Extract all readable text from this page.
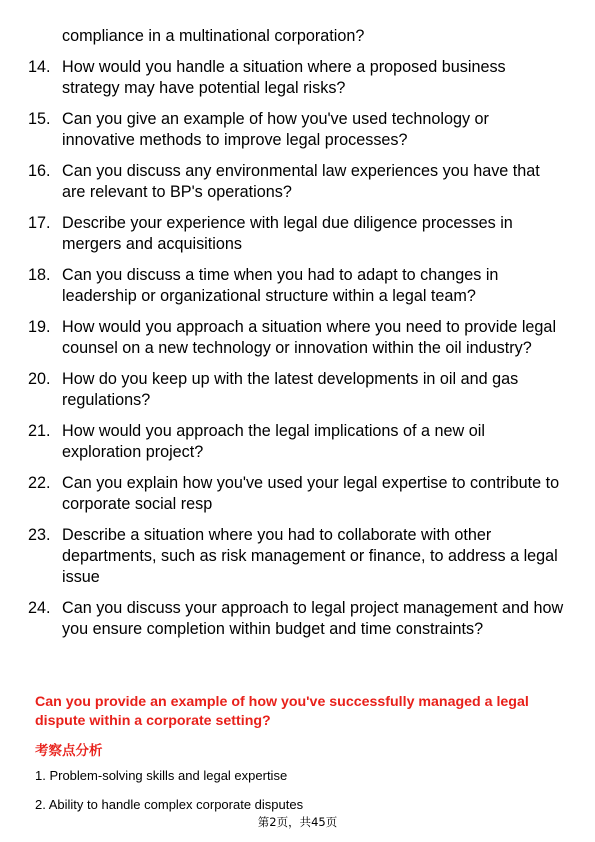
compliance in a multinational corporation?
14. How would you handle a situation where a proposed business strategy may have potential legal risks?
15. Can you give an example of how you've used technology or innovative methods to improve legal processes?
16. Can you discuss any environmental law experiences you have that are relevant to BP's operations?
17. Describe your experience with legal due diligence processes in mergers and acquisitions
18. Can you discuss a time when you had to adapt to changes in leadership or organizational structure within a legal team?
19. How would you approach a situation where you need to provide legal counsel on a new technology or innovation within the oil industry?
20. How do you keep up with the latest developments in oil and gas regulations?
21. How would you approach the legal implications of a new oil exploration project?
22. Can you explain how you've used your legal expertise to contribute to corporate social resp
23. Describe a situation where you had to collaborate with other departments, such as risk management or finance, to address a legal issue
24. Can you discuss your approach to legal project management and how you ensure completion within budget and time constraints?
Can you provide an example of how you've successfully managed a legal dispute within a corporate setting?
考察点分析
1. Problem-solving skills and legal expertise
2. Ability to handle complex corporate disputes
第2页，共45页
